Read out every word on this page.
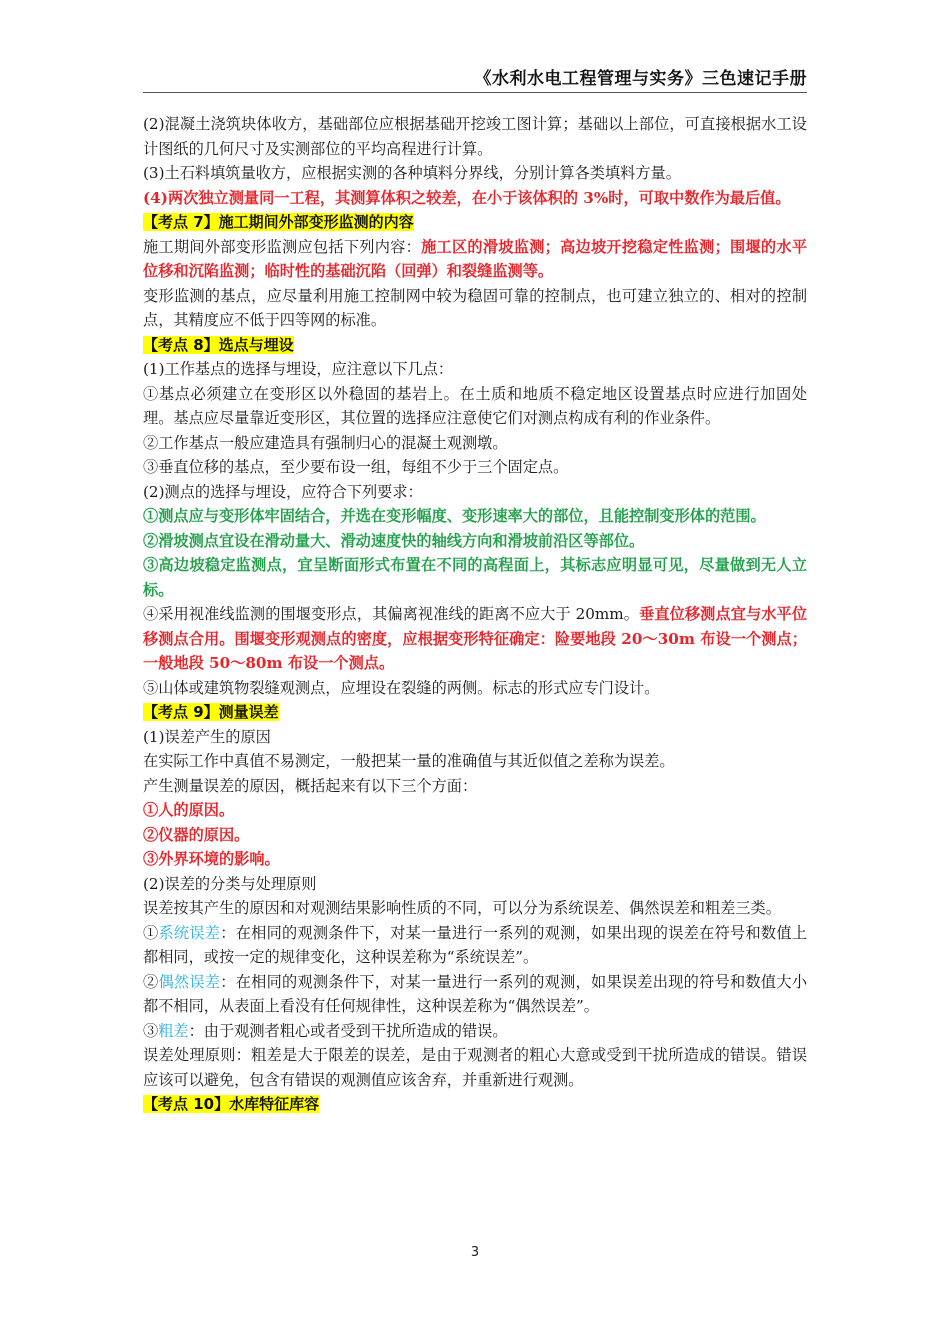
《水利水电工程管理与实务》三色速记手册

(2)混凝土浇筑块体收方，基础部位应根据基础开挖竣工图计算；基础以上部位，可直接根据水工设计图纸的几何尺寸及实测部位的平均高程进行计算。

(3)土石料填筑量收方，应根据实测的各种填料分界线，分别计算各类填料方量。

(4)两次独立测量同一工程，其测算体积之较差，在小于该体积的 3%时，可取中数作为最后值。

【考点 7】施工期间外部变形监测的内容

施工期间外部变形监测应包括下列内容：施工区的滑坡监测；高边坡开挖稳定性监测；围堰的水平位移和沉陷监测；临时性的基础沉陷（回弹）和裂缝监测等。

变形监测的基点，应尽量利用施工控制网中较为稳固可靠的控制点，也可建立独立的、相对的控制点，其精度应不低于四等网的标准。

【考点 8】选点与埋设

(1)工作基点的选择与埋设，应注意以下几点：

①基点必须建立在变形区以外稳固的基岩上。在土质和地质不稳定地区设置基点时应进行加固处理。基点应尽量靠近变形区，其位置的选择应注意使它们对测点构成有利的作业条件。

②工作基点一般应建造具有强制归心的混凝土观测墩。

③垂直位移的基点，至少要布设一组，每组不少于三个固定点。

(2)测点的选择与埋设，应符合下列要求：

①测点应与变形体牢固结合，并选在变形幅度、变形速率大的部位，且能控制变形体的范围。

②滑坡测点宜设在滑动量大、滑动速度快的轴线方向和滑坡前沿区等部位。

③高边坡稳定监测点，宜呈断面形式布置在不同的高程面上，其标志应明显可见，尽量做到无人立标。

④采用视准线监测的围堰变形点，其偏离视准线的距离不应大于 20mm。垂直位移测点宜与水平位移测点合用。围堰变形观测点的密度，应根据变形特征确定：险要地段 20～30m 布设一个测点；一般地段 50～80m 布设一个测点。

⑤山体或建筑物裂缝观测点，应埋设在裂缝的两侧。标志的形式应专门设计。

【考点 9】测量误差

(1)误差产生的原因

在实际工作中真值不易测定，一般把某一量的准确值与其近似值之差称为误差。

产生测量误差的原因，概括起来有以下三个方面：

①人的原因。

②仪器的原因。

③外界环境的影响。

(2)误差的分类与处理原则

误差按其产生的原因和对观测结果影响性质的不同，可以分为系统误差、偶然误差和粗差三类。

①系统误差：在相同的观测条件下，对某一量进行一系列的观测，如果出现的误差在符号和数值上都相同，或按一定的规律变化，这种误差称为“系统误差”。

②偶然误差：在相同的观测条件下，对某一量进行一系列的观测，如果误差出现的符号和数值大小都不相同，从表面上看没有任何规律性，这种误差称为“偶然误差”。

③粗差：由于观测者粗心或者受到干扰所造成的错误。

误差处理原则：粗差是大于限差的误差，是由于观测者的粗心大意或受到干扰所造成的错误。错误应该可以避免，包含有错误的观测值应该舍弃，并重新进行观测。

【考点 10】水库特征库容

3
